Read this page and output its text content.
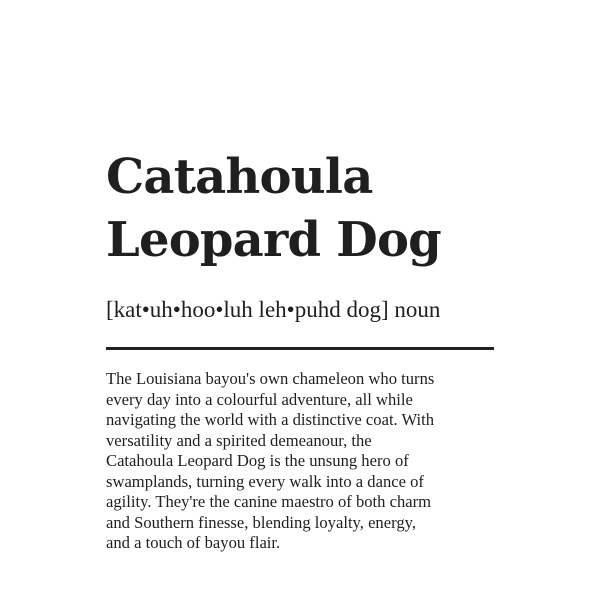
Catahoula
Leopard Dog

[kat•uh•hoo•luh leh•puhd dog] noun

The Louisiana bayou's own chameleon who turns
every day into a colourful adventure, all while
navigating the world with a distinctive coat. With
versatility and a spirited demeanour, the
Catahoula Leopard Dog is the unsung hero of
swamplands, turning every walk into a dance of
agility. They're the canine maestro of both charm
and Southern finesse, blending loyalty, energy,
and a touch of bayou flair.
